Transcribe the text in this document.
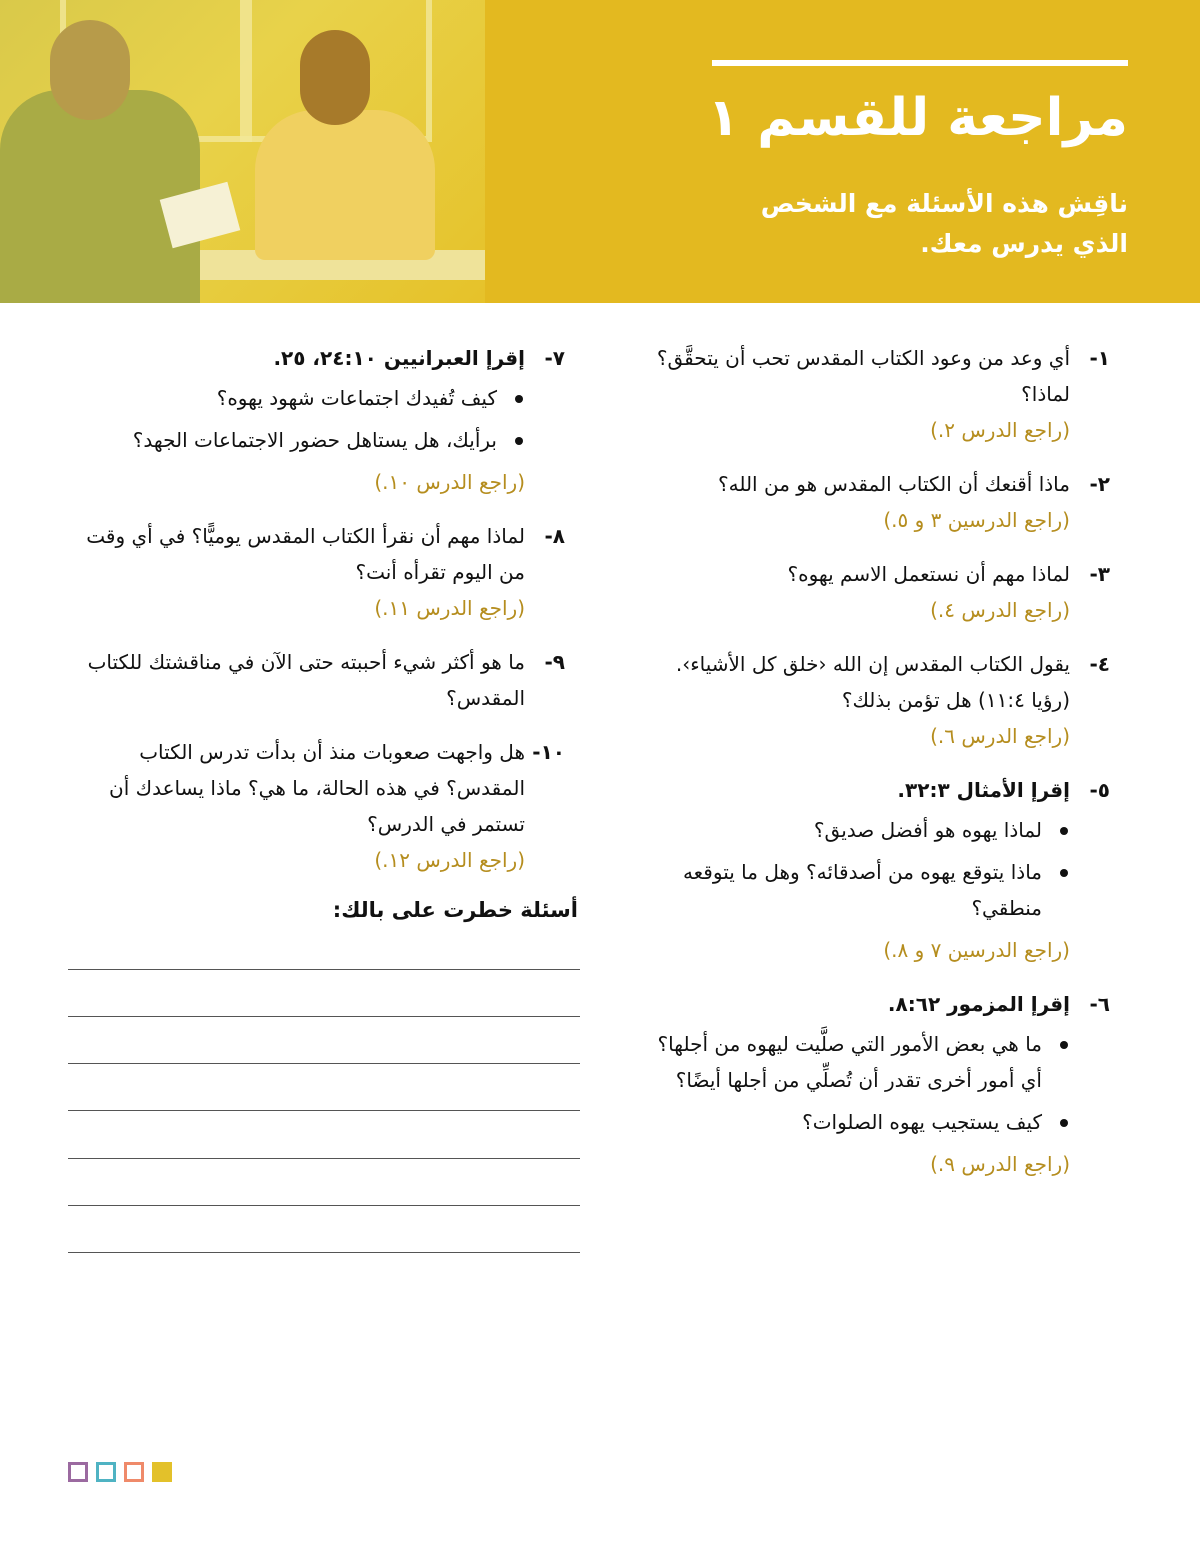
مراجعة للقسم ١
ناقِش هذه الأسئلة مع الشخص الذي يدرس معك.
١-
أي وعد من وعود الكتاب المقدس تحب أن يتحقَّق؟ لماذا؟
(راجع الدرس ٢.)
٢-
ماذا أقنعك أن الكتاب المقدس هو من الله؟
(راجع الدرسين ٣ و ٥.)
٣-
لماذا مهم أن نستعمل الاسم يهوه؟
(راجع الدرس ٤.)
٤-
يقول الكتاب المقدس إن الله ‹خلق كل الأشياء›. (رؤيا ٤:‏١١) هل تؤمن بذلك؟
(راجع الدرس ٦.)
٥-
إقرإ الأمثال ٣:‏٣٢.
لماذا يهوه هو أفضل صديق؟
ماذا يتوقع يهوه من أصدقائه؟ وهل ما يتوقعه منطقي؟
(راجع الدرسين ٧ و ٨.)
٦-
إقرإ المزمور ٦٢:‏٨.
ما هي بعض الأمور التي صلَّيت ليهوه من أجلها؟ أي أمور أخرى تقدر أن تُصلِّي من أجلها أيضًا؟
كيف يستجيب يهوه الصلوات؟
(راجع الدرس ٩.)
٧-
إقرإ العبرانيين ١٠:‏٢٤، ٢٥.
كيف تُفيدك اجتماعات شهود يهوه؟
برأيك، هل يستاهل حضور الاجتماعات الجهد؟
(راجع الدرس ١٠.)
٨-
لماذا مهم أن نقرأ الكتاب المقدس يوميًّا؟ في أي وقت من اليوم تقرأه أنت؟
(راجع الدرس ١١.)
٩-
ما هو أكثر شيء أحببته حتى الآن في مناقشتك للكتاب المقدس؟
١٠-
هل واجهت صعوبات منذ أن بدأت تدرس الكتاب المقدس؟ في هذه الحالة، ما هي؟ ماذا يساعدك أن تستمر في الدرس؟
(راجع الدرس ١٢.)
أسئلة خطرت على بالك:
